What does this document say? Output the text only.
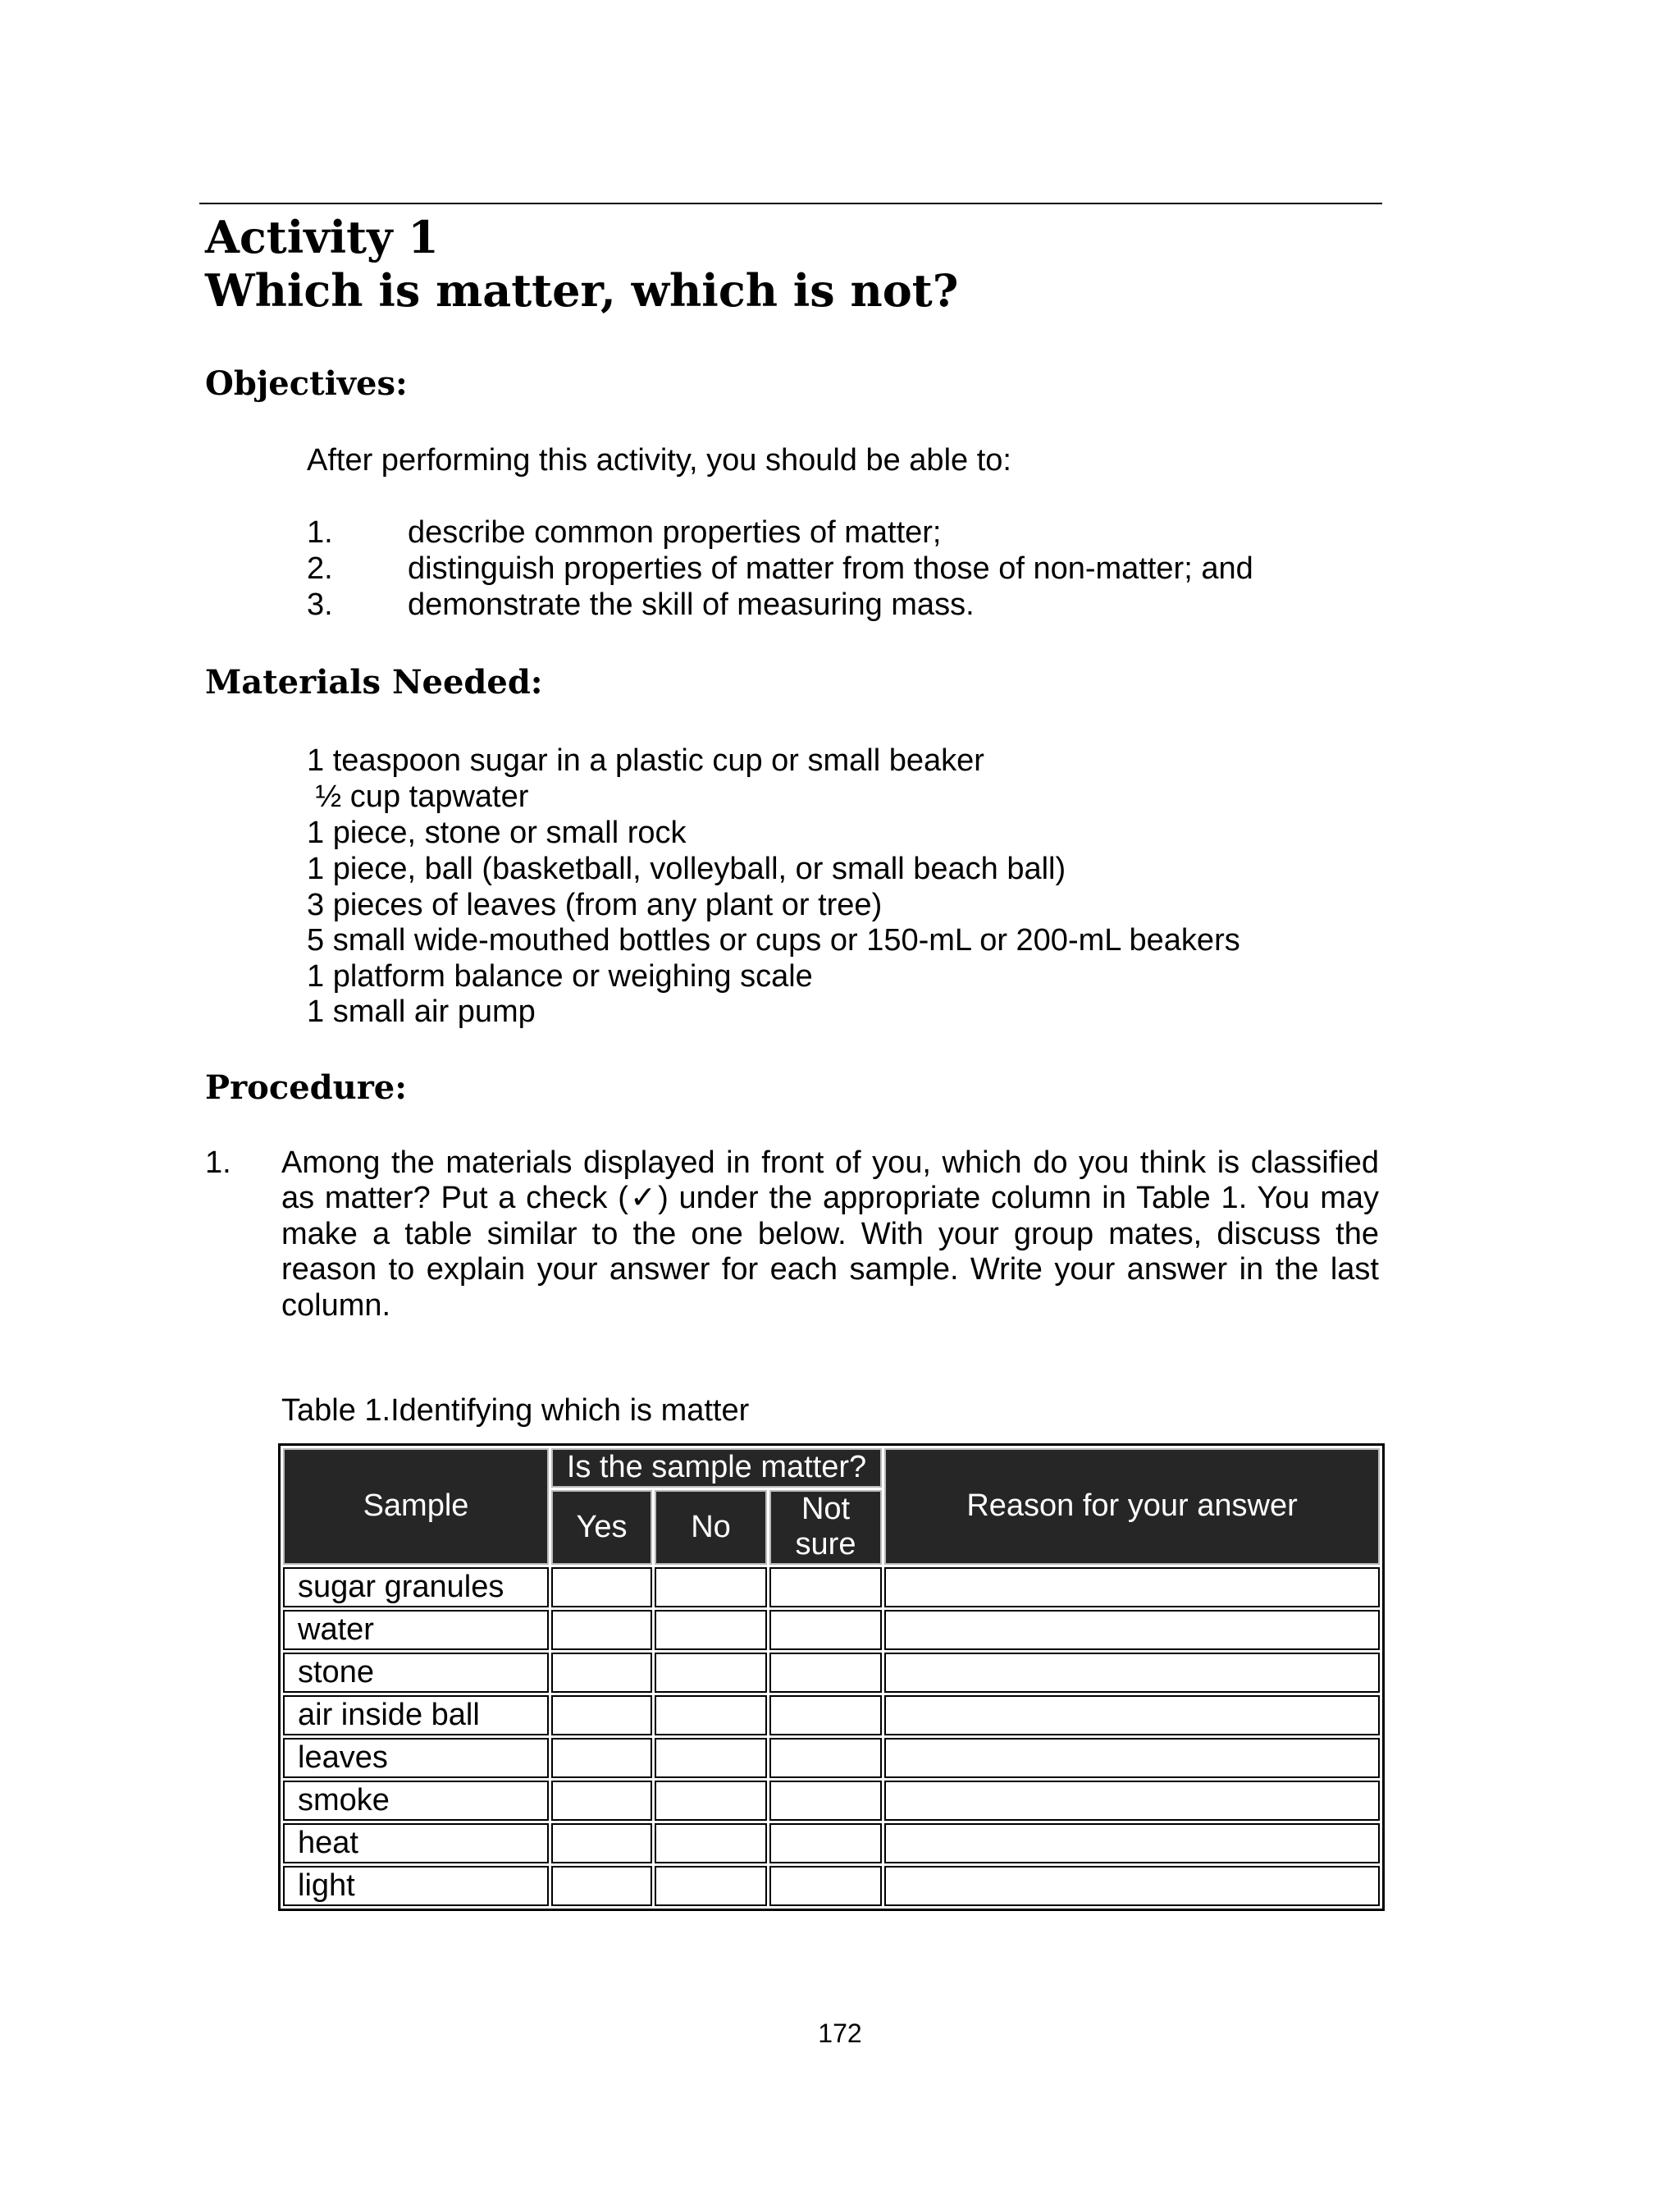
Activity 1
Which is matter, which is not?
Objectives:
After performing this activity, you should be able to:
1. describe common properties of matter;
2. distinguish properties of matter from those of non-matter; and
3. demonstrate the skill of measuring mass.
Materials Needed:
1 teaspoon sugar in a plastic cup or small beaker
½ cup tapwater
1 piece, stone or small rock
1 piece, ball (basketball, volleyball, or small beach ball)
3 pieces of leaves (from any plant or tree)
5 small wide-mouthed bottles or cups or 150-mL or 200-mL beakers
1 platform balance or weighing scale
1 small air pump
Procedure:
1. Among the materials displayed in front of you, which do you think is classified
as matter? Put a check (✓) under the appropriate column in Table 1. You may
make a table similar to the one below. With your group mates, discuss the
reason to explain your answer for each sample. Write your answer in the last
column.
Table 1.Identifying which is matter
Sample	Is the sample matter?			Reason for your answer
	Yes	No	Not
sure	
sugar granules				
water				
stone				
air inside ball				
leaves				
smoke				
heat				
light				
172
